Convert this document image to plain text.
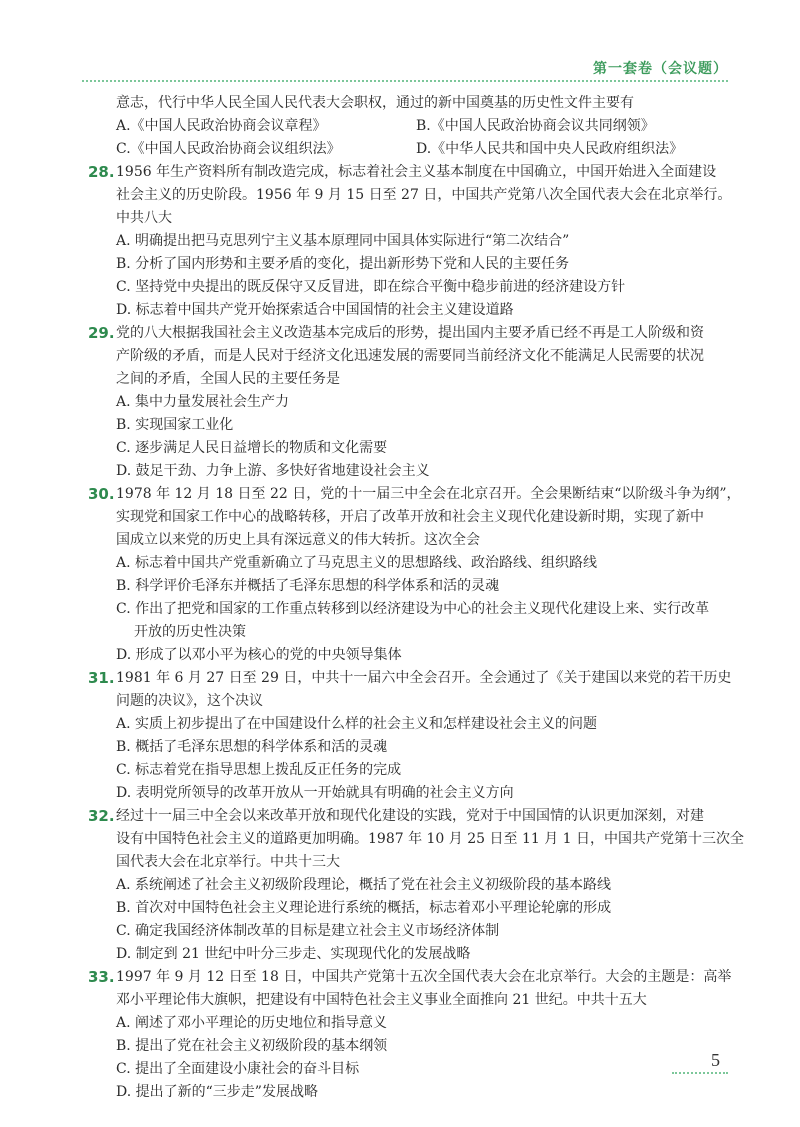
第一套卷（会议题）
意志，代行中华人民全国人民代表大会职权，通过的新中国奠基的历史性文件主要有
A.《中国人民政治协商会议章程》	B.《中国人民政治协商会议共同纲领》
C.《中国人民政治协商会议组织法》	D.《中华人民共和国中央人民政府组织法》
28. 1956 年生产资料所有制改造完成，标志着社会主义基本制度在中国确立，中国开始进入全面建设
社会主义的历史阶段。1956 年 9 月 15 日至 27 日，中国共产党第八次全国代表大会在北京举行。
中共八大
A. 明确提出把马克思列宁主义基本原理同中国具体实际进行“第二次结合”
B. 分析了国内形势和主要矛盾的变化，提出新形势下党和人民的主要任务
C. 坚持党中央提出的既反保守又反冒进，即在综合平衡中稳步前进的经济建设方针
D. 标志着中国共产党开始探索适合中国国情的社会主义建设道路
29. 党的八大根据我国社会主义改造基本完成后的形势，提出国内主要矛盾已经不再是工人阶级和资
产阶级的矛盾，而是人民对于经济文化迅速发展的需要同当前经济文化不能满足人民需要的状况
之间的矛盾，全国人民的主要任务是
A. 集中力量发展社会生产力
B. 实现国家工业化
C. 逐步满足人民日益增长的物质和文化需要
D. 鼓足干劲、力争上游、多快好省地建设社会主义
30. 1978 年 12 月 18 日至 22 日，党的十一届三中全会在北京召开。全会果断结束“以阶级斗争为纲”，
实现党和国家工作中心的战略转移，开启了改革开放和社会主义现代化建设新时期，实现了新中
国成立以来党的历史上具有深远意义的伟大转折。这次全会
A. 标志着中国共产党重新确立了马克思主义的思想路线、政治路线、组织路线
B. 科学评价毛泽东并概括了毛泽东思想的科学体系和活的灵魂
C. 作出了把党和国家的工作重点转移到以经济建设为中心的社会主义现代化建设上来、实行改革
开放的历史性决策
D. 形成了以邓小平为核心的党的中央领导集体
31. 1981 年 6 月 27 日至 29 日，中共十一届六中全会召开。全会通过了《关于建国以来党的若干历史
问题的决议》，这个决议
A. 实质上初步提出了在中国建设什么样的社会主义和怎样建设社会主义的问题
B. 概括了毛泽东思想的科学体系和活的灵魂
C. 标志着党在指导思想上拨乱反正任务的完成
D. 表明党所领导的改革开放从一开始就具有明确的社会主义方向
32. 经过十一届三中全会以来改革开放和现代化建设的实践，党对于中国国情的认识更加深刻，对建
设有中国特色社会主义的道路更加明确。1987 年 10 月 25 日至 11 月 1 日，中国共产党第十三次全
国代表大会在北京举行。中共十三大
A. 系统阐述了社会主义初级阶段理论，概括了党在社会主义初级阶段的基本路线
B. 首次对中国特色社会主义理论进行系统的概括，标志着邓小平理论轮廓的形成
C. 确定我国经济体制改革的目标是建立社会主义市场经济体制
D. 制定到 21 世纪中叶分三步走、实现现代化的发展战略
33. 1997 年 9 月 12 日至 18 日，中国共产党第十五次全国代表大会在北京举行。大会的主题是：高举
邓小平理论伟大旗帜，把建设有中国特色社会主义事业全面推向 21 世纪。中共十五大
A. 阐述了邓小平理论的历史地位和指导意义
B. 提出了党在社会主义初级阶段的基本纲领
C. 提出了全面建设小康社会的奋斗目标
D. 提出了新的“三步走”发展战略
5
